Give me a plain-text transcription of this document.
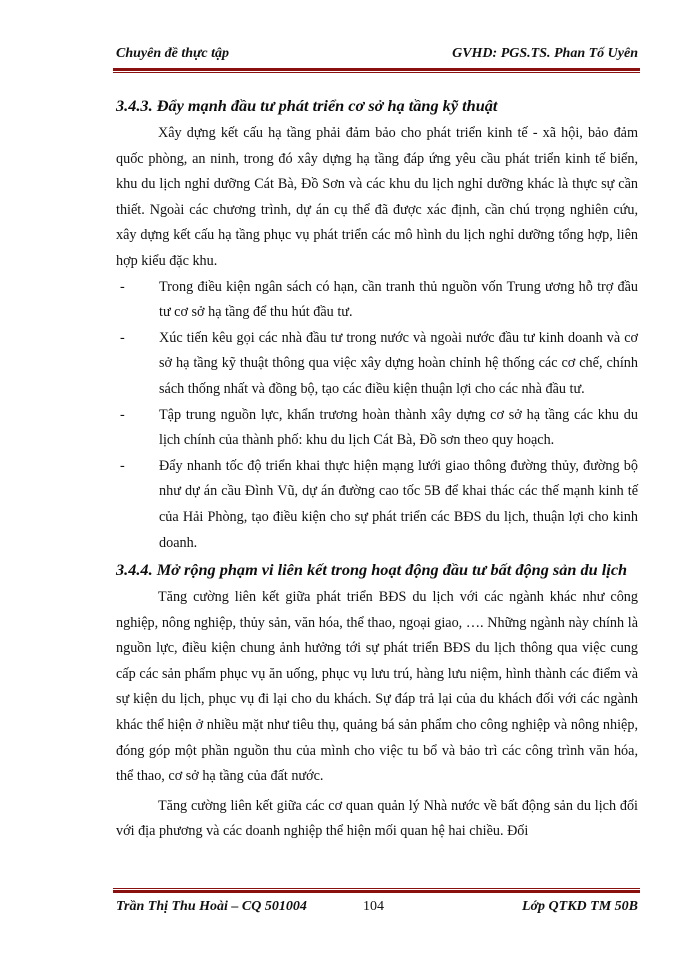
Chuyên đề thực tập	GVHD: PGS.TS. Phan Tố Uyên
3.4.3. Đẩy mạnh đầu tư phát triển cơ sở hạ tầng kỹ thuật

Xây dựng kết cấu hạ tầng phải đảm bảo cho phát triển kinh tế - xã hội, bảo đảm quốc phòng, an ninh, trong đó xây dựng hạ tầng đáp ứng yêu cầu phát triển kinh tế biển, khu du lịch nghỉ dưỡng Cát Bà, Đồ Sơn và các khu du lịch nghỉ dưỡng khác là thực sự cần thiết. Ngoài các chương trình, dự án cụ thể đã được xác định, cần chú trọng nghiên cứu, xây dựng kết cấu hạ tầng phục vụ phát triển các mô hình du lịch nghỉ dưỡng tổng hợp, liên hợp kiểu đặc khu.

- Trong điều kiện ngân sách có hạn, cần tranh thủ nguồn vốn Trung ương hỗ trợ đầu tư cơ sở hạ tầng để thu hút đầu tư.
- Xúc tiến kêu gọi các nhà đầu tư trong nước và ngoài nước đầu tư kinh doanh và cơ sở hạ tầng kỹ thuật thông qua việc xây dựng hoàn chỉnh hệ thống các cơ chế, chính sách thống nhất và đồng bộ, tạo các điều kiện thuận lợi cho các nhà đầu tư.
- Tập trung nguồn lực, khẩn trương hoàn thành xây dựng cơ sở hạ tầng các khu du lịch chính của thành phố: khu du lịch Cát Bà, Đồ sơn theo quy hoạch.
- Đẩy nhanh tốc độ triển khai thực hiện mạng lưới giao thông đường thủy, đường bộ như dự án cầu Đình Vũ, dự án đường cao tốc 5B để khai thác các thế mạnh kinh tế của Hải Phòng, tạo điều kiện cho sự phát triển các BĐS du lịch, thuận lợi cho kinh doanh.
3.4.4. Mở rộng phạm vi liên kết trong hoạt động đầu tư bất động sản du lịch

Tăng cường liên kết giữa phát triển BĐS du lịch với các ngành khác như công nghiệp, nông nghiệp, thủy sản, văn hóa, thể thao, ngoại giao, …. Những ngành này chính là nguồn lực, điều kiện chung ảnh hưởng tới sự phát triển BĐS du lịch thông qua việc cung cấp các sản phẩm phục vụ ăn uống, phục vụ lưu trú, hàng lưu niệm, hình thành các điểm và sự kiện du lịch, phục vụ đi lại cho du khách. Sự đáp trả lại của du khách đối với các ngành khác thể hiện ở nhiều mặt như tiêu thụ, quảng bá sản phẩm cho công nghiệp và nông nhiệp, đóng góp một phần nguồn thu của mình cho việc tu bổ và bảo trì các công trình văn hóa, thể thao, cơ sở hạ tầng của đất nước.

Tăng cường liên kết giữa các cơ quan quản lý Nhà nước về bất động sản du lịch đối với địa phương và các doanh nghiệp thể hiện mối quan hệ hai chiều. Đối

Trần Thị Thu Hoài – CQ 501004	104	Lớp QTKD TM 50B
